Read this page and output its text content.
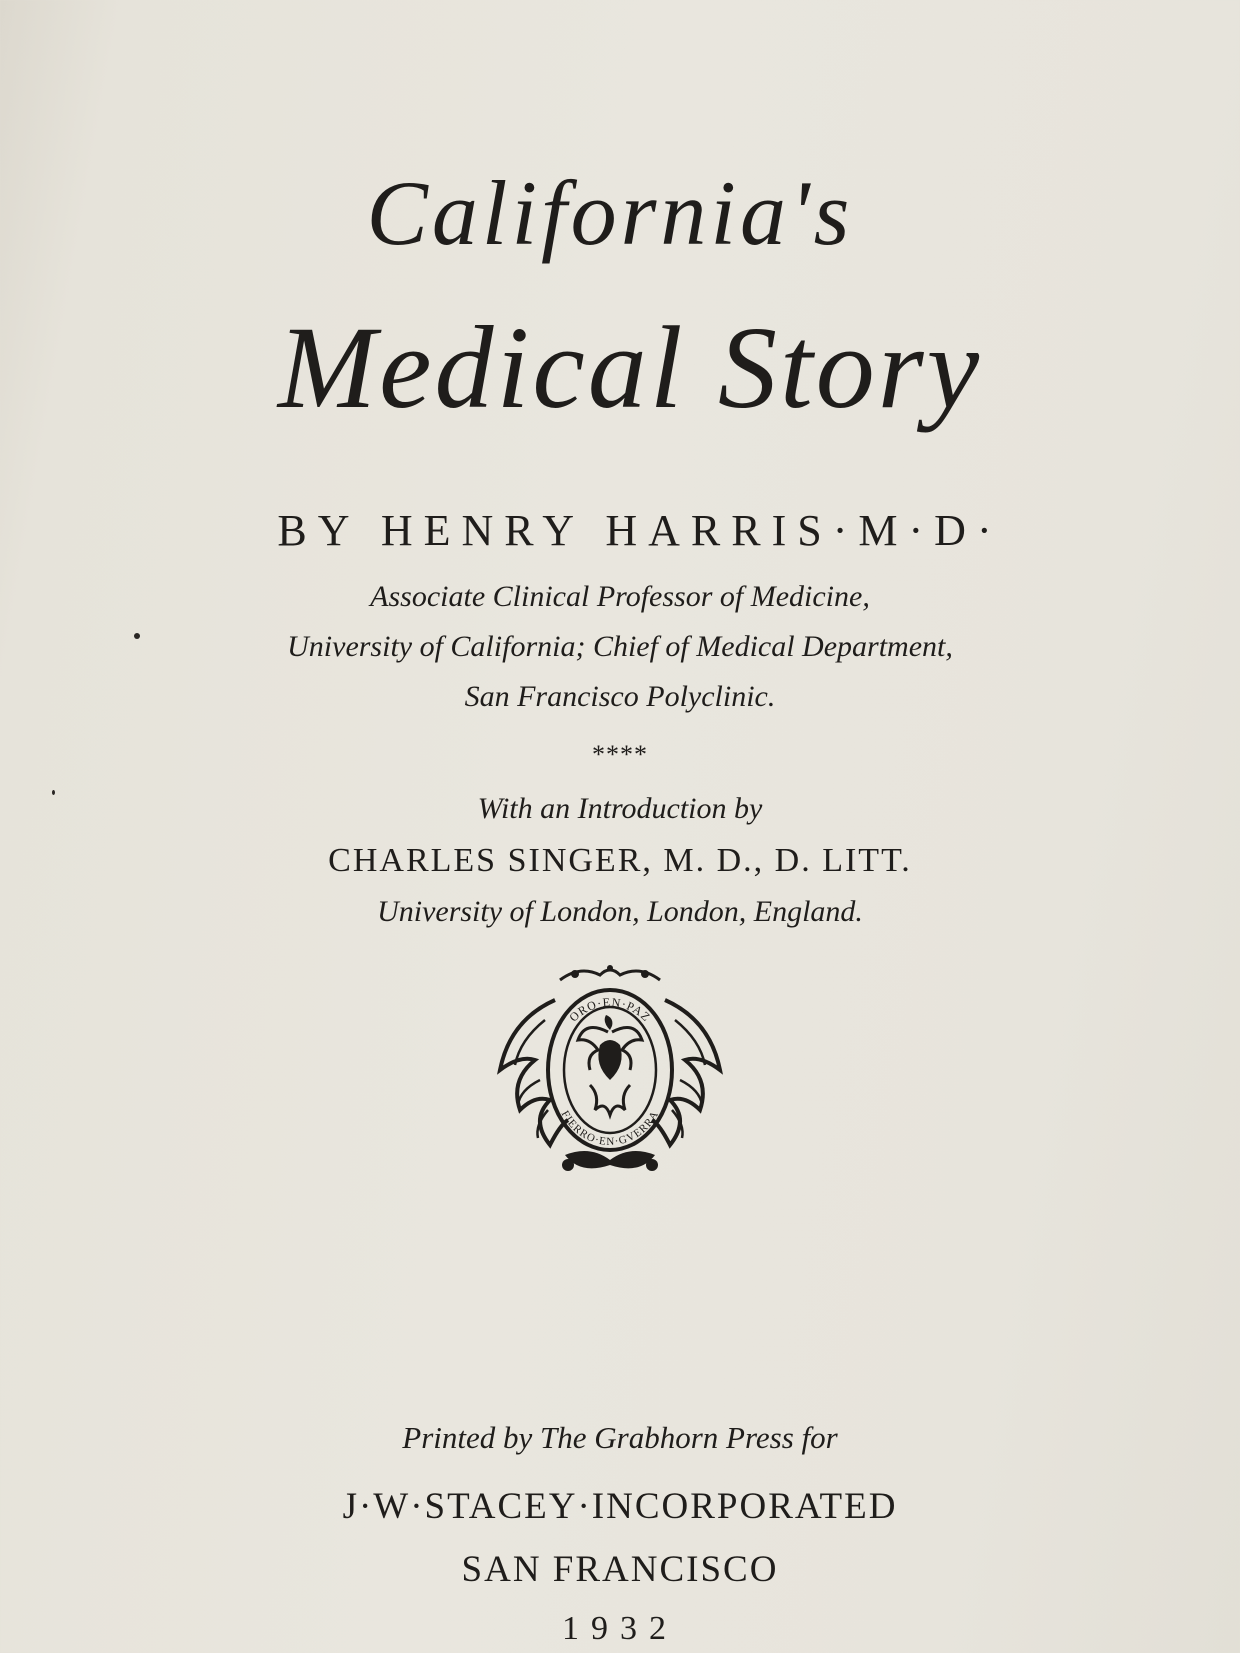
California's
Medical Story
BY HENRY HARRIS·M·D·
Associate Clinical Professor of Medicine,
University of California; Chief of Medical Department,
San Francisco Polyclinic.
****
With an Introduction by
CHARLES SINGER, M. D., D. LITT.
University of London, London, England.
ORO·EN·PAZ
FIERRO·EN·GVERRA
Printed by The Grabhorn Press for
J·W·STACEY·INCORPORATED
SAN FRANCISCO
1932
